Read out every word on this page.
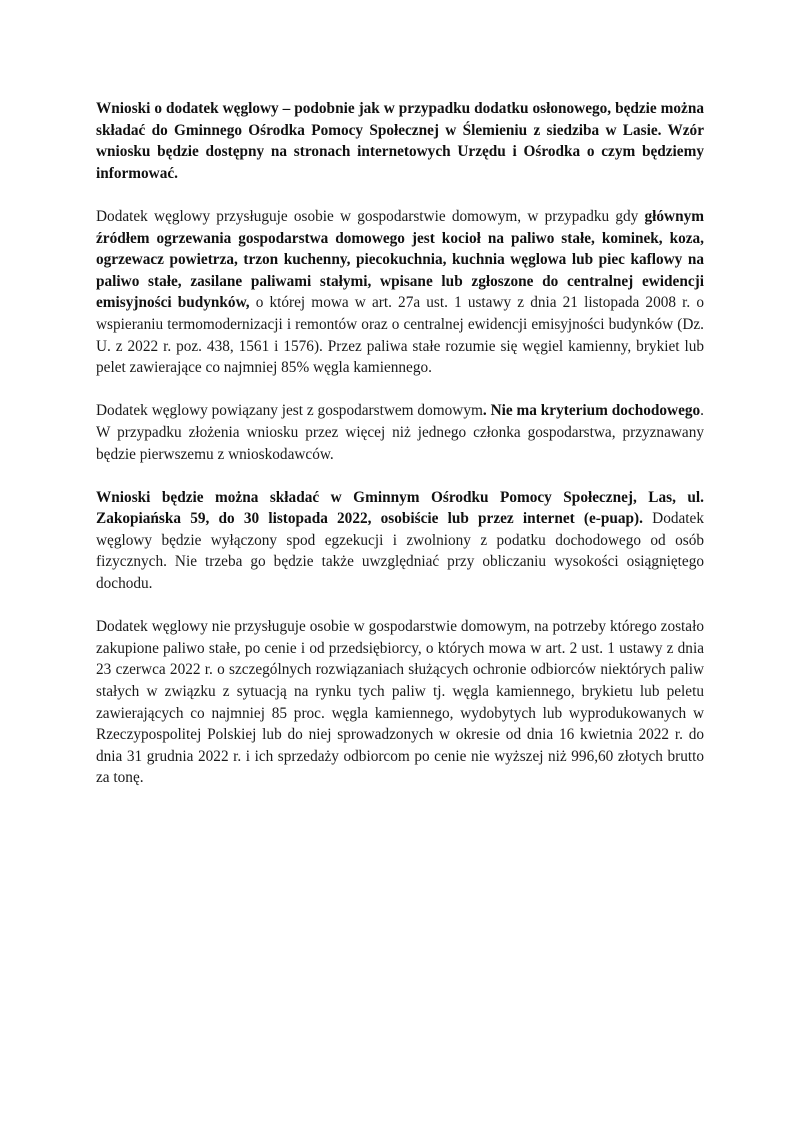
Wnioski o dodatek węglowy – podobnie jak w przypadku dodatku osłonowego, będzie można składać do Gminnego Ośrodka Pomocy Społecznej w Ślemieniu z siedziba w Lasie. Wzór wniosku będzie dostępny na stronach internetowych Urzędu i Ośrodka o czym będziemy informować.

Dodatek węglowy przysługuje osobie w gospodarstwie domowym, w przypadku gdy głównym źródłem ogrzewania gospodarstwa domowego jest kocioł na paliwo stałe, kominek, koza, ogrzewacz powietrza, trzon kuchenny, piecokuchnia, kuchnia węglowa lub piec kaflowy na paliwo stałe, zasilane paliwami stałymi, wpisane lub zgłoszone do centralnej ewidencji emisyjności budynków, o której mowa w art. 27a ust. 1 ustawy z dnia 21 listopada 2008 r. o wspieraniu termomodernizacji i remontów oraz o centralnej ewidencji emisyjności budynków (Dz. U. z 2022 r. poz. 438, 1561 i 1576). Przez paliwa stałe rozumie się węgiel kamienny, brykiet lub pelet zawierające co najmniej 85% węgla kamiennego.

Dodatek węglowy powiązany jest z gospodarstwem domowym. Nie ma kryterium dochodowego. W przypadku złożenia wniosku przez więcej niż jednego członka gospodarstwa, przyznawany będzie pierwszemu z wnioskodawców.

Wnioski będzie można składać w Gminnym Ośrodku Pomocy Społecznej, Las, ul. Zakopiańska 59, do 30 listopada 2022, osobiście lub przez internet (e-puap). Dodatek węglowy będzie wyłączony spod egzekucji i zwolniony z podatku dochodowego od osób fizycznych. Nie trzeba go będzie także uwzględniać przy obliczaniu wysokości osiągniętego dochodu.

Dodatek węglowy nie przysługuje osobie w gospodarstwie domowym, na potrzeby którego zostało zakupione paliwo stałe, po cenie i od przedsiębiorcy, o których mowa w art. 2 ust. 1 ustawy z dnia 23 czerwca 2022 r. o szczególnych rozwiązaniach służących ochronie odbiorców niektórych paliw stałych w związku z sytuacją na rynku tych paliw tj. węgla kamiennego, brykietu lub peletu zawierających co najmniej 85 proc. węgla kamiennego, wydobytych lub wyprodukowanych w Rzeczypospolitej Polskiej lub do niej sprowadzonych w okresie od dnia 16 kwietnia 2022 r. do dnia 31 grudnia 2022 r. i ich sprzedaży odbiorcom po cenie nie wyższej niż 996,60 złotych brutto za tonę.
